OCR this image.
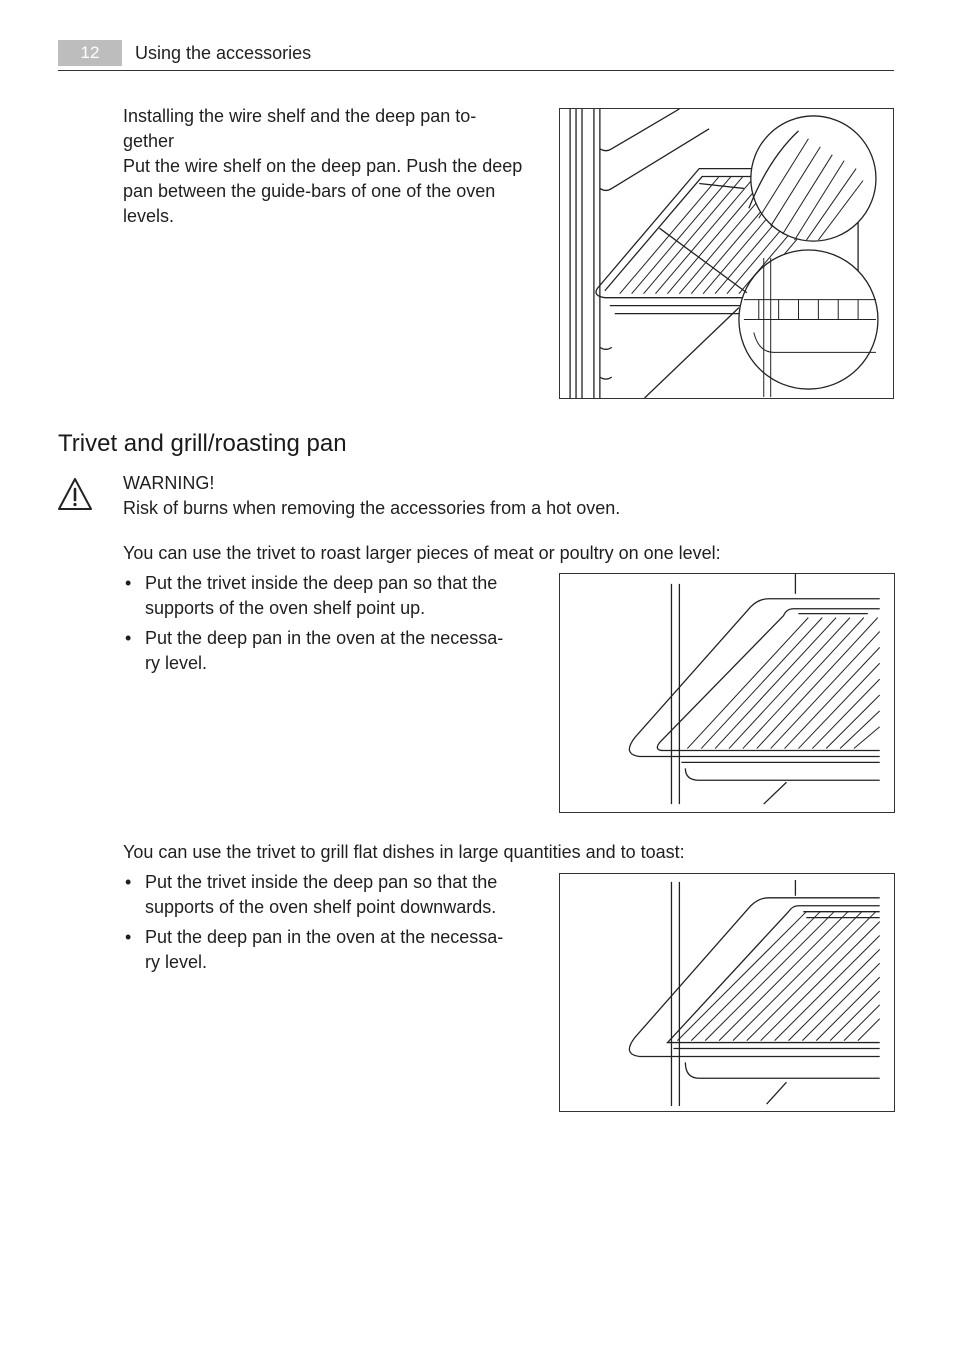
12	Using the accessories
Installing the wire shelf and the deep pan to-
gether
Put the wire shelf on the deep pan. Push the deep
pan between the guide-bars of one of the oven
levels.
Trivet and grill/roasting pan
WARNING!
Risk of burns when removing the accessories from a hot oven.
You can use the trivet to roast larger pieces of meat or poultry on one level:
• Put the trivet inside the deep pan so that the
supports of the oven shelf point up.
• Put the deep pan in the oven at the necessa-
ry level.
You can use the trivet to grill flat dishes in large quantities and to toast:
• Put the trivet inside the deep pan so that the
supports of the oven shelf point downwards.
• Put the deep pan in the oven at the necessa-
ry level.
